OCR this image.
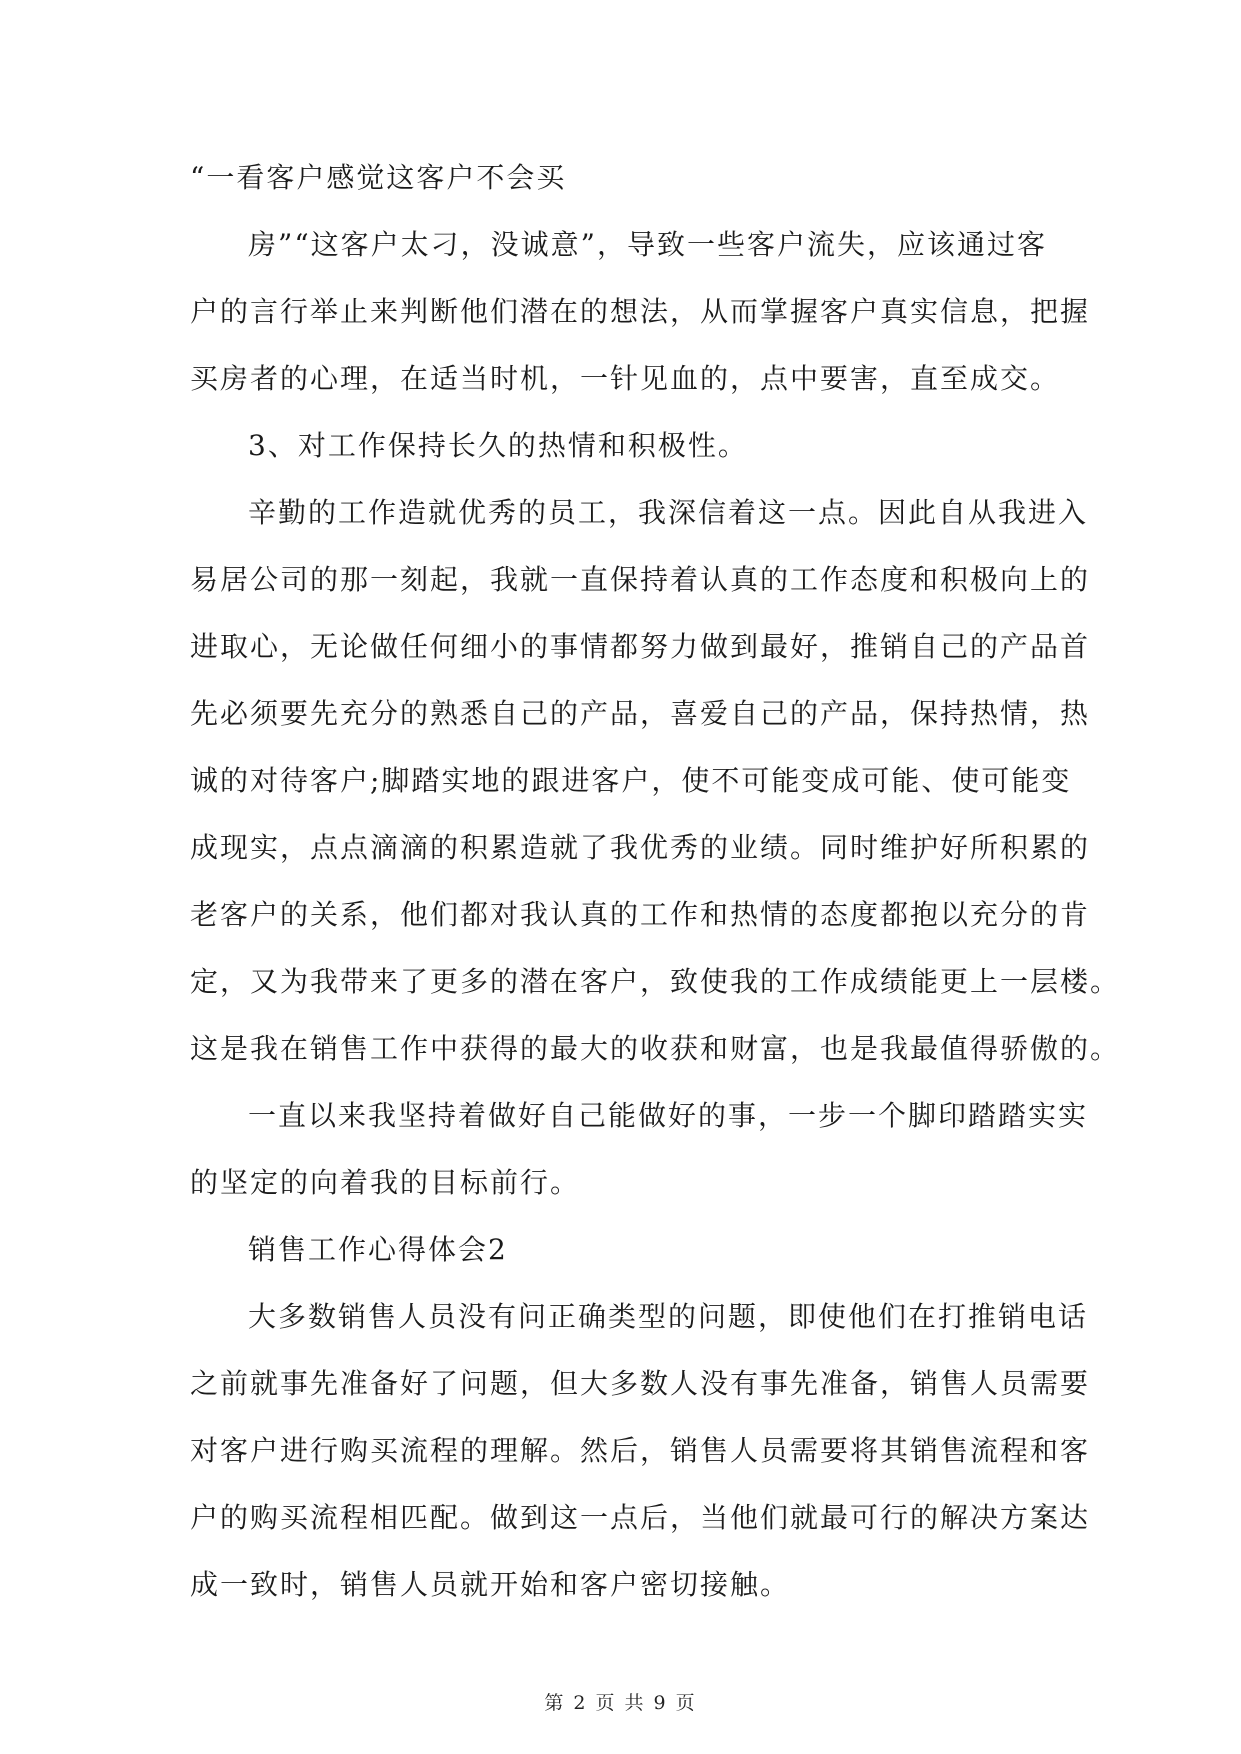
“一看客户感觉这客户不会买
房”“这客户太刁，没诚意”，导致一些客户流失，应该通过客
户的言行举止来判断他们潜在的想法，从而掌握客户真实信息，把握
买房者的心理，在适当时机，一针见血的，点中要害，直至成交。
3、对工作保持长久的热情和积极性。
辛勤的工作造就优秀的员工，我深信着这一点。因此自从我进入
易居公司的那一刻起，我就一直保持着认真的工作态度和积极向上的
进取心，无论做任何细小的事情都努力做到最好，推销自己的产品首
先必须要先充分的熟悉自己的产品，喜爱自己的产品，保持热情，热
诚的对待客户;脚踏实地的跟进客户，使不可能变成可能、使可能变
成现实，点点滴滴的积累造就了我优秀的业绩。同时维护好所积累的
老客户的关系，他们都对我认真的工作和热情的态度都抱以充分的肯
定，又为我带来了更多的潜在客户，致使我的工作成绩能更上一层楼。
这是我在销售工作中获得的最大的收获和财富，也是我最值得骄傲的。
一直以来我坚持着做好自己能做好的事，一步一个脚印踏踏实实
的坚定的向着我的目标前行。
销售工作心得体会2
大多数销售人员没有问正确类型的问题，即使他们在打推销电话
之前就事先准备好了问题，但大多数人没有事先准备，销售人员需要
对客户进行购买流程的理解。然后，销售人员需要将其销售流程和客
户的购买流程相匹配。做到这一点后，当他们就最可行的解决方案达
成一致时，销售人员就开始和客户密切接触。
第 2 页 共 9 页
